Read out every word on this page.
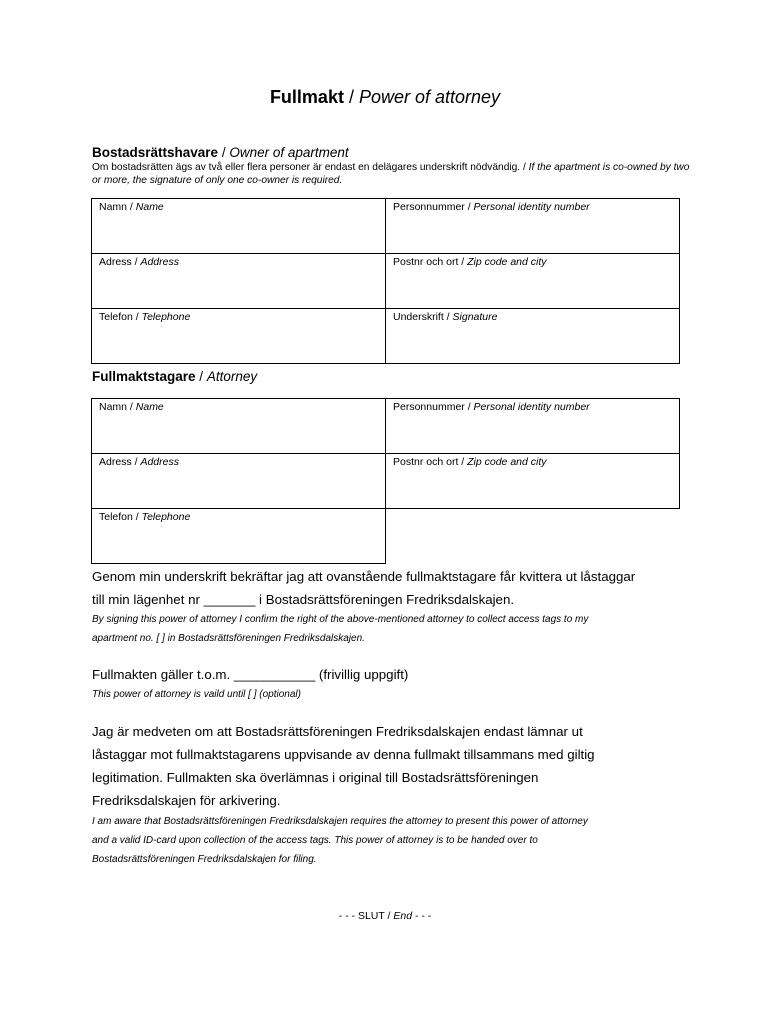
Fullmakt / Power of attorney
Bostadsrättshavare / Owner of apartment
Om bostadsrätten ägs av två eller flera personer är endast en delägares underskrift nödvändig. / If the apartment is co-owned by two or more, the signature of only one co-owner is required.
Namn / Name	Personnummer / Personal identity number
Adress / Address	Postnr och ort / Zip code and city
Telefon / Telephone	Underskrift / Signature
Fullmaktstagare / Attorney
Namn / Name	Personnummer / Personal identity number
Adress / Address	Postnr och ort / Zip code and city
Telefon / Telephone	
Genom min underskrift bekräftar jag att ovanstående fullmaktstagare får kvittera ut låstaggar
till min lägenhet nr _______ i Bostadsrättsföreningen Fredriksdalskajen.
By signing this power of attorney I confirm the right of the above-mentioned attorney to collect access tags to my
apartment no. [ ] in Bostadsrättsföreningen Fredriksdalskajen.
Fullmakten gäller t.o.m. ___________ (frivillig uppgift)
This power of attorney is vaild until [ ] (optional)
Jag är medveten om att Bostadsrättsföreningen Fredriksdalskajen endast lämnar ut
låstaggar mot fullmaktstagarens uppvisande av denna fullmakt tillsammans med giltig
legitimation. Fullmakten ska överlämnas i original till Bostadsrättsföreningen
Fredriksdalskajen för arkivering.
I am aware that Bostadsrättsföreningen Fredriksdalskajen requires the attorney to present this power of attorney
and a valid ID-card upon collection of the access tags. This power of attorney is to be handed over to
Bostadsrättsföreningen Fredriksdalskajen for filing.
- - - SLUT / End - - -
